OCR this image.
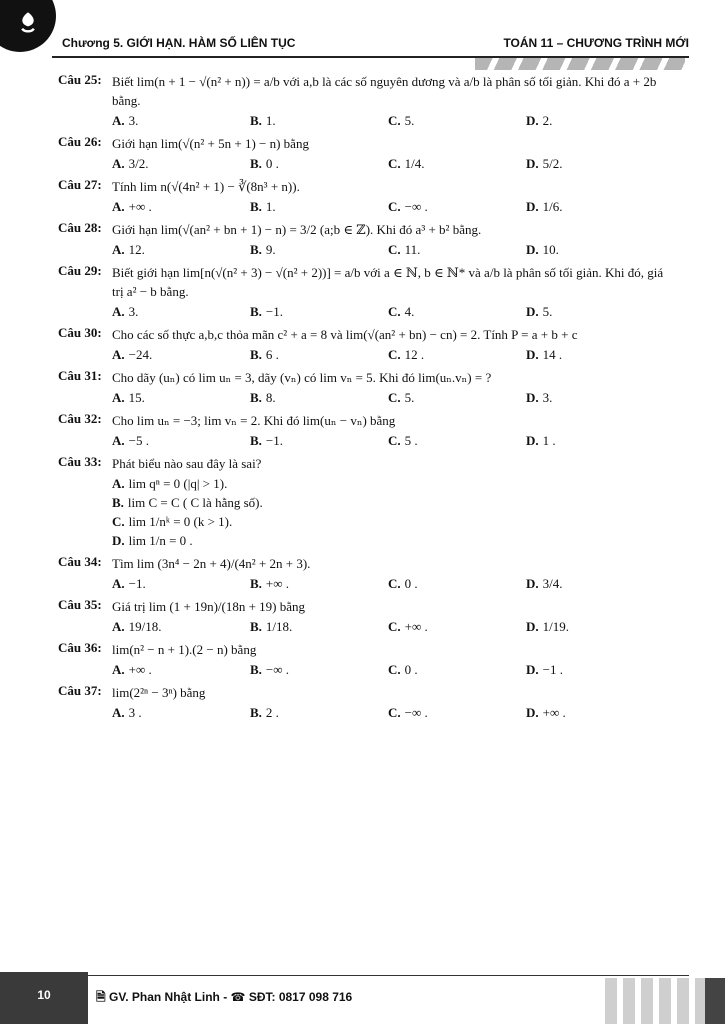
Chương 5. GIỚI HẠN. HÀM SỐ LIÊN TỤC	TOÁN 11 – CHƯƠNG TRÌNH MỚI
Câu 25: Biết lim(n + 1 − √(n² + n)) = a/b với a,b là các số nguyên dương và a/b là phân số tối giản. Khi đó a + 2b bằng.
A. 3.	B. 1.	C. 5.	D. 2.
Câu 26: Giới hạn lim(√(n² + 5n + 1) − n) bằng
A. 3/2.	B. 0 .	C. 1/4.	D. 5/2.
Câu 27: Tính lim n(√(4n² + 1) − ∛(8n³ + n)).
A. +∞ .	B. 1.	C. −∞ .	D. 1/6.
Câu 28: Giới hạn lim(√(an² + bn + 1) − n) = 3/2 (a;b ∈ ℤ). Khi đó a³ + b² bằng.
A. 12.	B. 9.	C. 11.	D. 10.
Câu 29: Biết giới hạn lim[n(√(n² + 3) − √(n² + 2))] = a/b với a ∈ ℕ, b ∈ ℕ* và a/b là phân số tối giản. Khi đó, giá trị a² − b bằng.
A. 3.	B. −1.	C. 4.	D. 5.
Câu 30: Cho các số thực a,b,c thỏa mãn c² + a = 8 và lim(√(an² + bn) − cn) = 2. Tính P = a + b + c
A. −24.	B. 6 .	C. 12 .	D. 14 .
Câu 31: Cho dãy (uₙ) có lim uₙ = 3, dãy (vₙ) có lim vₙ = 5. Khi đó lim(uₙ.vₙ) = ?
A. 15.	B. 8.	C. 5.	D. 3.
Câu 32: Cho lim uₙ = −3; lim vₙ = 2. Khi đó lim(uₙ − vₙ) bằng
A. −5 .	B. −1.	C. 5 .	D. 1 .
Câu 33: Phát biểu nào sau đây là sai?
A. lim qⁿ = 0 (|q| > 1).
B. lim C = C ( C là hằng số).
C. lim 1/nᵏ = 0 (k > 1).
D. lim 1/n = 0 .
Câu 34: Tìm lim (3n⁴ − 2n + 4)/(4n² + 2n + 3).
A. −1.	B. +∞ .	C. 0 .	D. 3/4.
Câu 35: Giá trị lim (1 + 19n)/(18n + 19) bằng
A. 19/18.	B. 1/18.	C. +∞ .	D. 1/19.
Câu 36: lim(n² − n + 1).(2 − n) bằng
A. +∞ .	B. −∞ .	C. 0 .	D. −1 .
Câu 37: lim(2²ⁿ − 3ⁿ) bằng
A. 3 .	B. 2 .	C. −∞ .	D. +∞ .
10	🗎 GV. Phan Nhật Linh - ☎ SĐT: 0817 098 716
